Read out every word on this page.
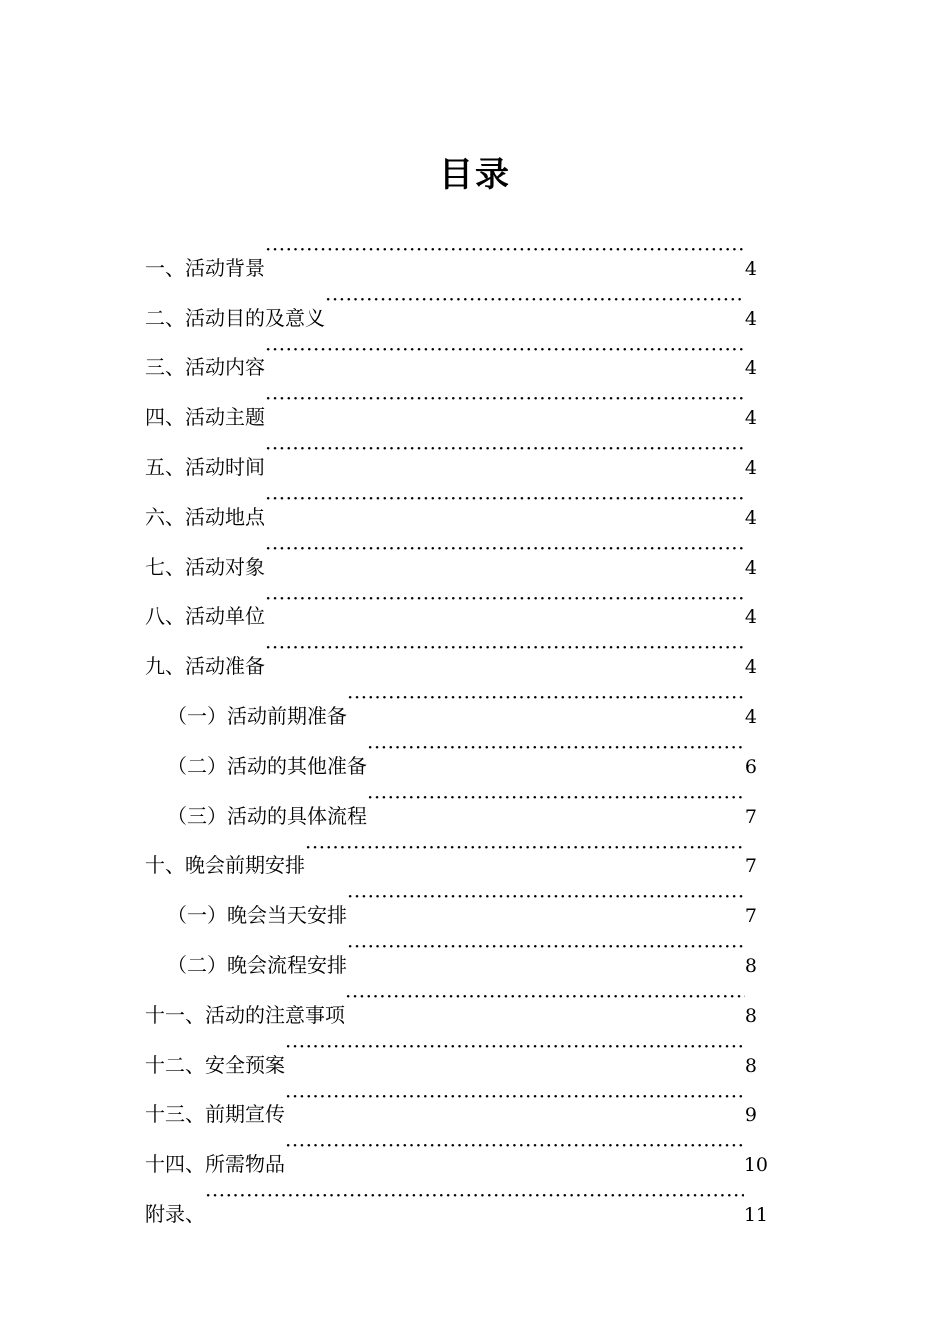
目录
一、活动背景 ·····	4
二、活动目的及意义 ·····	4
三、活动内容 ·····	4
四、活动主题 ·····	4
五、活动时间 ·····	4
六、活动地点 ·····	4
七、活动对象 ·····	4
八、活动单位 ·····	4
九、活动准备 ·····	4
（一）活动前期准备 ·····	4
（二）活动的其他准备 ·····	6
（三）活动的具体流程 ·····	7
十、晚会前期安排 ·····	7
（一）晚会当天安排 ·····	7
（二）晚会流程安排 ·····	8
十一、活动的注意事项 ·····	8
十二、安全预案 ·····	8
十三、前期宣传 ·····	9
十四、所需物品 ·····	10
附录、 ·····	11
